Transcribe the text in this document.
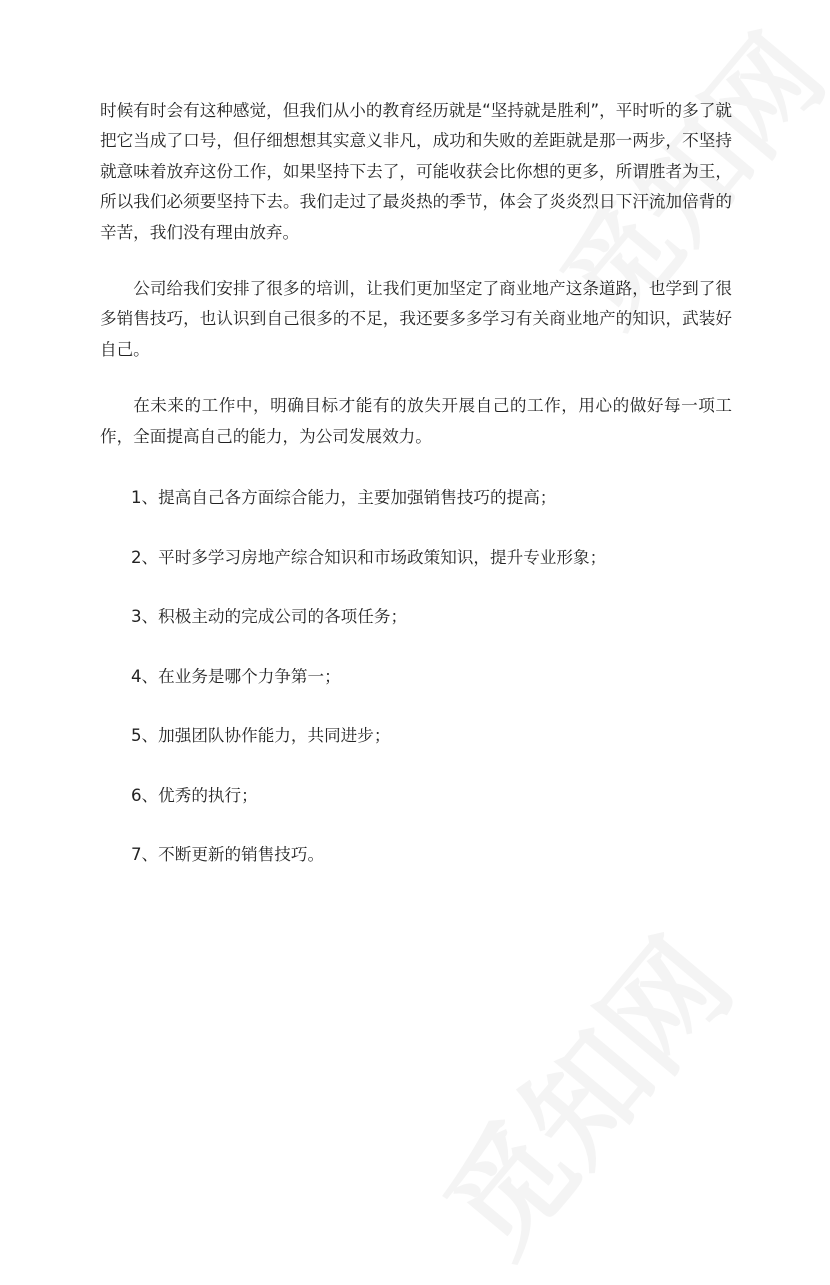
时候有时会有这种感觉，但我们从小的教育经历就是“坚持就是胜利”，平时听的多了就把它当成了口号，但仔细想想其实意义非凡，成功和失败的差距就是那一两步，不坚持就意味着放弃这份工作，如果坚持下去了，可能收获会比你想的更多，所谓胜者为王，所以我们必须要坚持下去。我们走过了最炎热的季节，体会了炎炎烈日下汗流加倍背的辛苦，我们没有理由放弃。

公司给我们安排了很多的培训，让我们更加坚定了商业地产这条道路，也学到了很多销售技巧，也认识到自己很多的不足，我还要多多学习有关商业地产的知识，武装好自己。

在未来的工作中，明确目标才能有的放失开展自己的工作，用心的做好每一项工作，全面提高自己的能力，为公司发展效力。

1、提高自己各方面综合能力，主要加强销售技巧的提高；
2、平时多学习房地产综合知识和市场政策知识，提升专业形象；
3、积极主动的完成公司的各项任务；
4、在业务是哪个力争第一；
5、加强团队协作能力，共同进步；
6、优秀的执行；
7、不断更新的销售技巧。
